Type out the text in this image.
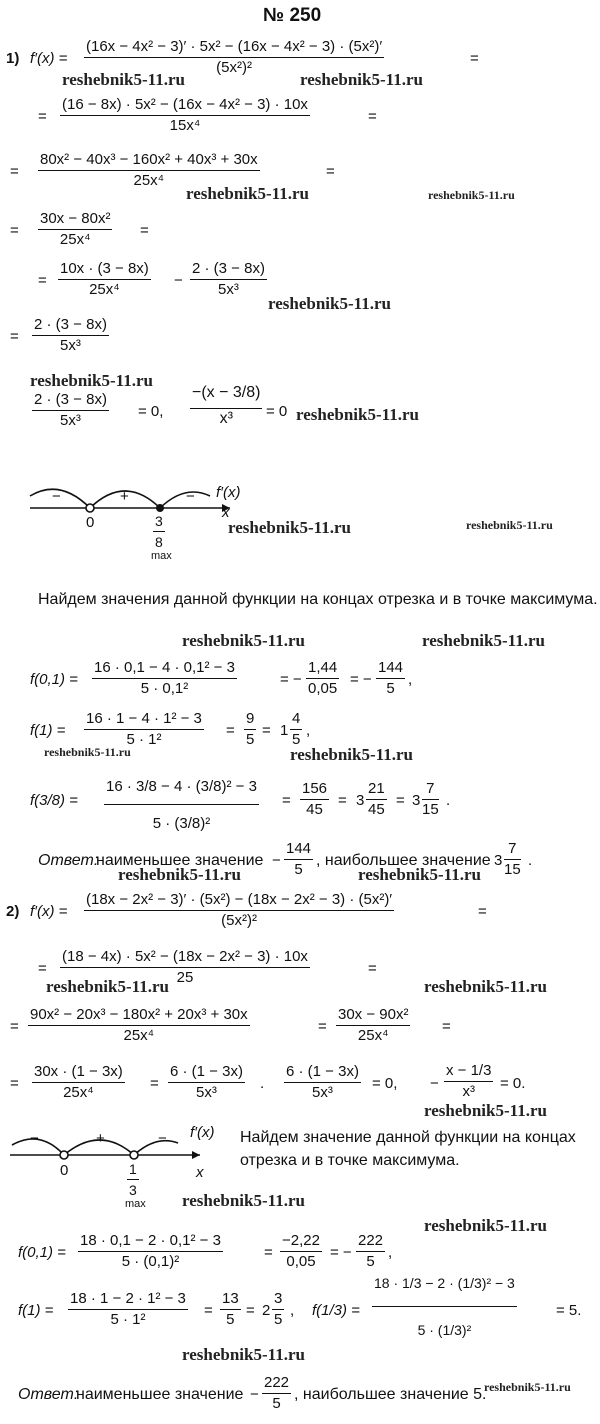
№ 250
1) $f'(x) = \frac{\text{(16x − 4x² − 3)′ · 5x² − (16x − 4x² − 3) · (5x²)′}}{\text{(5x²)²}}$	=
= $\frac{\text{(16 − 8x) · 5x² − (16x − 4x² − 3) · 10x}}{\text{15x⁴}}$	=
= $\frac{\text{80x² − 40x³ − 160x² + 40x³ + 30x}}{\text{25x⁴}}$	=
= $\frac{\text{30x − 80x²}}{\text{25x⁴}}$ =
= $\frac{10x \cdot (3 - 8x)}{\text{25x⁴}} - \frac{2 \cdot (3 - 8x)}{\text{5x³}}$
= $\frac{2 \cdot (3 - 8x)}{\text{5x³}}$
$\frac{2 \cdot (3 - 8x)}{\text{5x³}} = 0$, $\frac{-(x - 3/8)}{\text{x³}} = 0$
−	+	− f′(x)
x
0	$\frac{3}{8}$
max
Найдем значения данной функции на концах отрезка и в точке максимума.
$f(0,1) = \frac{\text{16 · 0,1 − 4 · 0,1² − 3}}{\text{5 · 0,1²}}$	= − $\frac{1,44}{0,05}$ = − $\frac{144}{5}$ ,
$f(1) = \frac{\text{16 · 1 − 4 · 1² − 3}}{\text{5 · 1²}} = \frac{9}{5} = 1 \frac{4}{5}$ ,
$f(3/8) = \frac{\text{16 · 3/8 − 4 · (3/8)² − 3}}{\text{5 · (3/8)²}} = \frac{156}{45} = 3 \frac{21}{45} = 3 \frac{7}{15}$ .
Ответ:
наименьшее значение − $\frac{144}{5}$ , наибольшее значение $3 \frac{7}{15}$ .
2) $f'(x) = \frac{\text{(18x − 2x² − 3)′ · (5x²) − (18x − 2x² − 3) · (5x²)′}}{\text{(5x²)²}}$	=
= $\frac{\text{(18 − 4x) · 5x² − (18x − 2x² − 3) · 10x}}{25}$	=
= $\frac{\text{90x² − 20x³ − 180x² + 20x³ + 30x}}{\text{25x⁴}}$	= $\frac{\text{30x − 90x²}}{\text{25x⁴}}$ =
= $\frac{30x \cdot (1 - 3x)}{\text{25x⁴}} = \frac{6 \cdot (1 - 3x)}{\text{5x³}}$ . $\frac{6 \cdot (1 - 3x)}{\text{5x³}} = 0$, − $\frac{x - 1/3}{\text{x³}} = 0$.
−	+	− f′(x)
x
0	$\frac{1}{3}$
max
Найдем значение данной функции на концах
отрезка и в точке максимума.
$f(0,1) = \frac{\text{18 · 0,1 − 2 · 0,1² − 3}}{\text{5 · (0,1)²}}$	= $\frac{-2,22}{0,05}$ = − $\frac{222}{5}$ ,
$f(1) = \frac{\text{18 · 1 − 2 · 1² − 3}}{\text{5 · 1²}} = \frac{13}{5} = 2 \frac{3}{5}$ , $f(1/3) = \frac{\text{18 · 1/3 − 2 · (1/3)² − 3}}{\text{5 · (1/3)²}}$	= 5.
Ответ:
наименьшее значение − $\frac{222}{5}$ , наибольшее значение 5.
reshebnik5-11.ru	reshebnik5-11.ru
reshebnik5-11.ru	reshebnik5-11.ru
reshebnik5-11.ru
reshebnik5-11.ru
reshebnik5-11.ru
reshebnik5-11.ru	reshebnik5-11.ru
reshebnik5-11.ru	reshebnik5-11.ru
reshebnik5-11.ru	reshebnik5-11.ru
reshebnik5-11.ru	reshebnik5-11.ru
reshebnik5-11.ru	reshebnik5-11.ru
reshebnik5-11.ru
reshebnik5-11.ru
reshebnik5-11.ru
reshebnik5-11.ru
reshebnik5-11.ru
